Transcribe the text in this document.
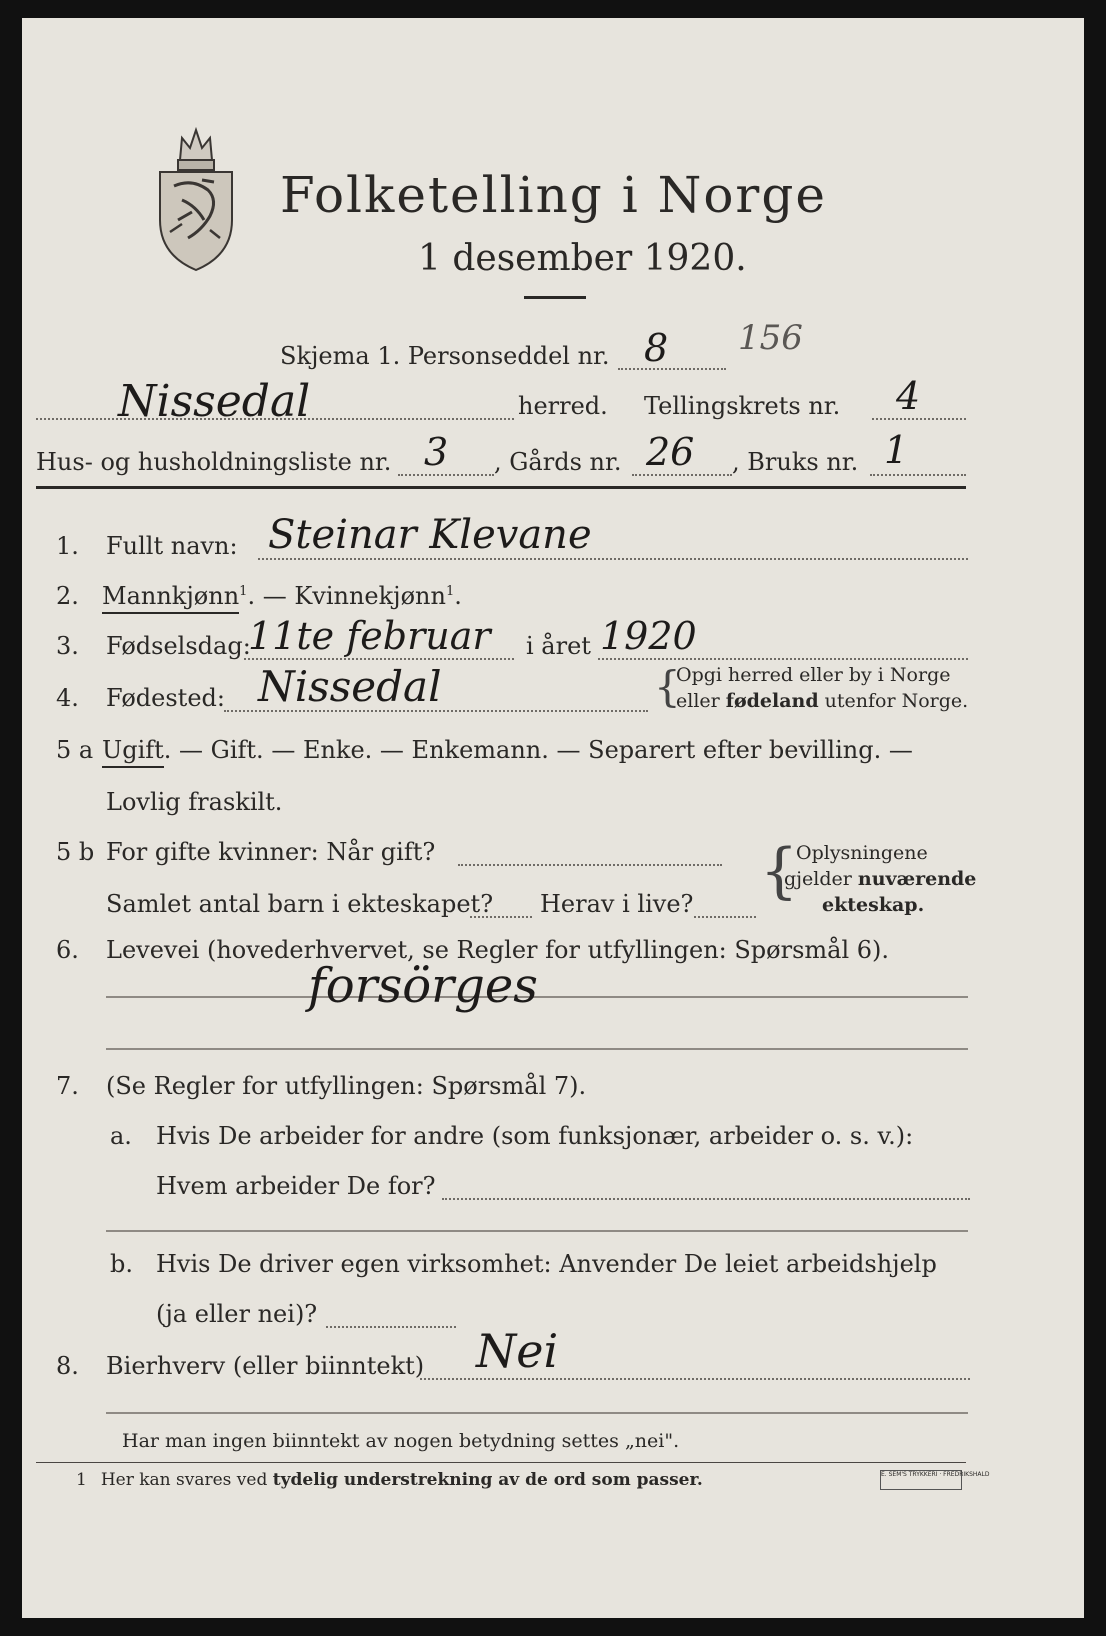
Folketelling i Norge
1 desember 1920.
Skjema 1. Personseddel nr. 8 156
Nissedal	herred. Tellingskrets nr. 4
Hus- og husholdningsliste nr. 3 , Gårds nr. 26 , Bruks nr. 1
1. Fullt navn: Steinar Klevane
2. Mannkjønn$^1$. — Kvinnekjønn$^1$.
3. Fødselsdag:
11te februar i året 1920
4. Fødested: Nissedal	{
Opgi herred eller by i Norge
eller fødeland utenfor Norge.
5 a Ugift. — Gift. — Enke. — Enkemann. — Separert efter bevilling. —
Lovlig fraskilt.
5 b For gifte kvinner: Når gift?
Samlet antal barn i ekteskapet? Herav i live? {
Oplysningene
gjelder nuværende
ekteskap.
6. Levevei (hovederhvervet, se Regler for utfyllingen: Spørsmål 6).
forsörges
7. (Se Regler for utfyllingen: Spørsmål 7).
a. Hvis De arbeider for andre (som funksjonær, arbeider o. s. v.):
Hvem arbeider De for?
b. Hvis De driver egen virksomhet: Anvender De leiet arbeidshjelp
(ja eller nei)?
8. Bierhverv (eller biinntekt) Nei
Har man ingen biinntekt av nogen betydning settes „nei".
1 Her kan svares ved tydelig understrekning av de ord som passer.	E. SEM'S TRYKKERI · FREDRIKSHALD
